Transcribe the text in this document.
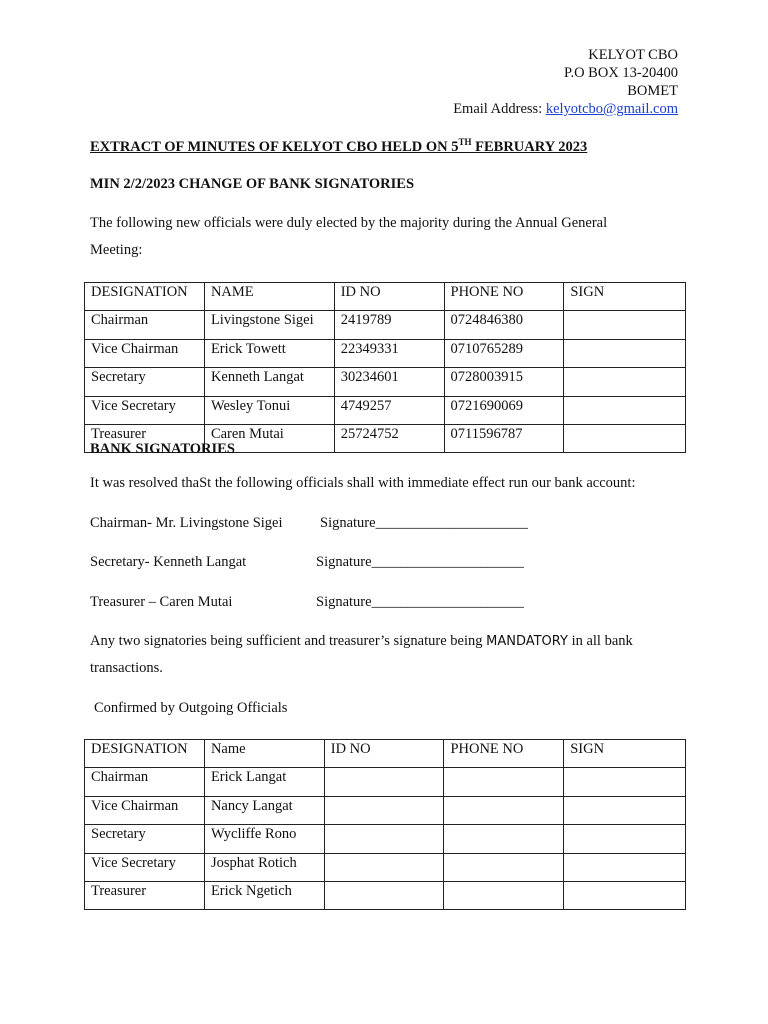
KELYOT CBO
P.O BOX 13-20400
BOMET
Email Address: kelyotcbo@gmail.com
EXTRACT OF MINUTES OF KELYOT CBO HELD ON 5TH FEBRUARY 2023
MIN 2/2/2023 CHANGE OF BANK SIGNATORIES
The following new officials were duly elected by the majority during the Annual General
Meeting:
DESIGNATION	NAME	ID NO	PHONE NO	SIGN
Chairman	Livingstone Sigei	2419789	0724846380	
Vice Chairman	Erick Towett	22349331	0710765289	
Secretary	Kenneth Langat	30234601	0728003915	
Vice Secretary	Wesley Tonui	4749257	0721690069	
Treasurer	Caren Mutai	25724752	0711596787	
BANK SIGNATORIES
It was resolved thaSt the following officials shall with immediate effect run our bank account:
Chairman- Mr. Livingstone Sigei	Signature_____________________
Secretary- Kenneth Langat	Signature_____________________
Treasurer – Caren Mutai	Signature_____________________
Any two signatories being sufficient and treasurer’s signature being MANDATORY in all bank
transactions.
Confirmed by Outgoing Officials
DESIGNATION	Name	ID NO	PHONE NO	SIGN
Chairman	Erick Langat			
Vice Chairman	Nancy Langat			
Secretary	Wycliffe Rono			
Vice Secretary	Josphat Rotich			
Treasurer	Erick Ngetich			
